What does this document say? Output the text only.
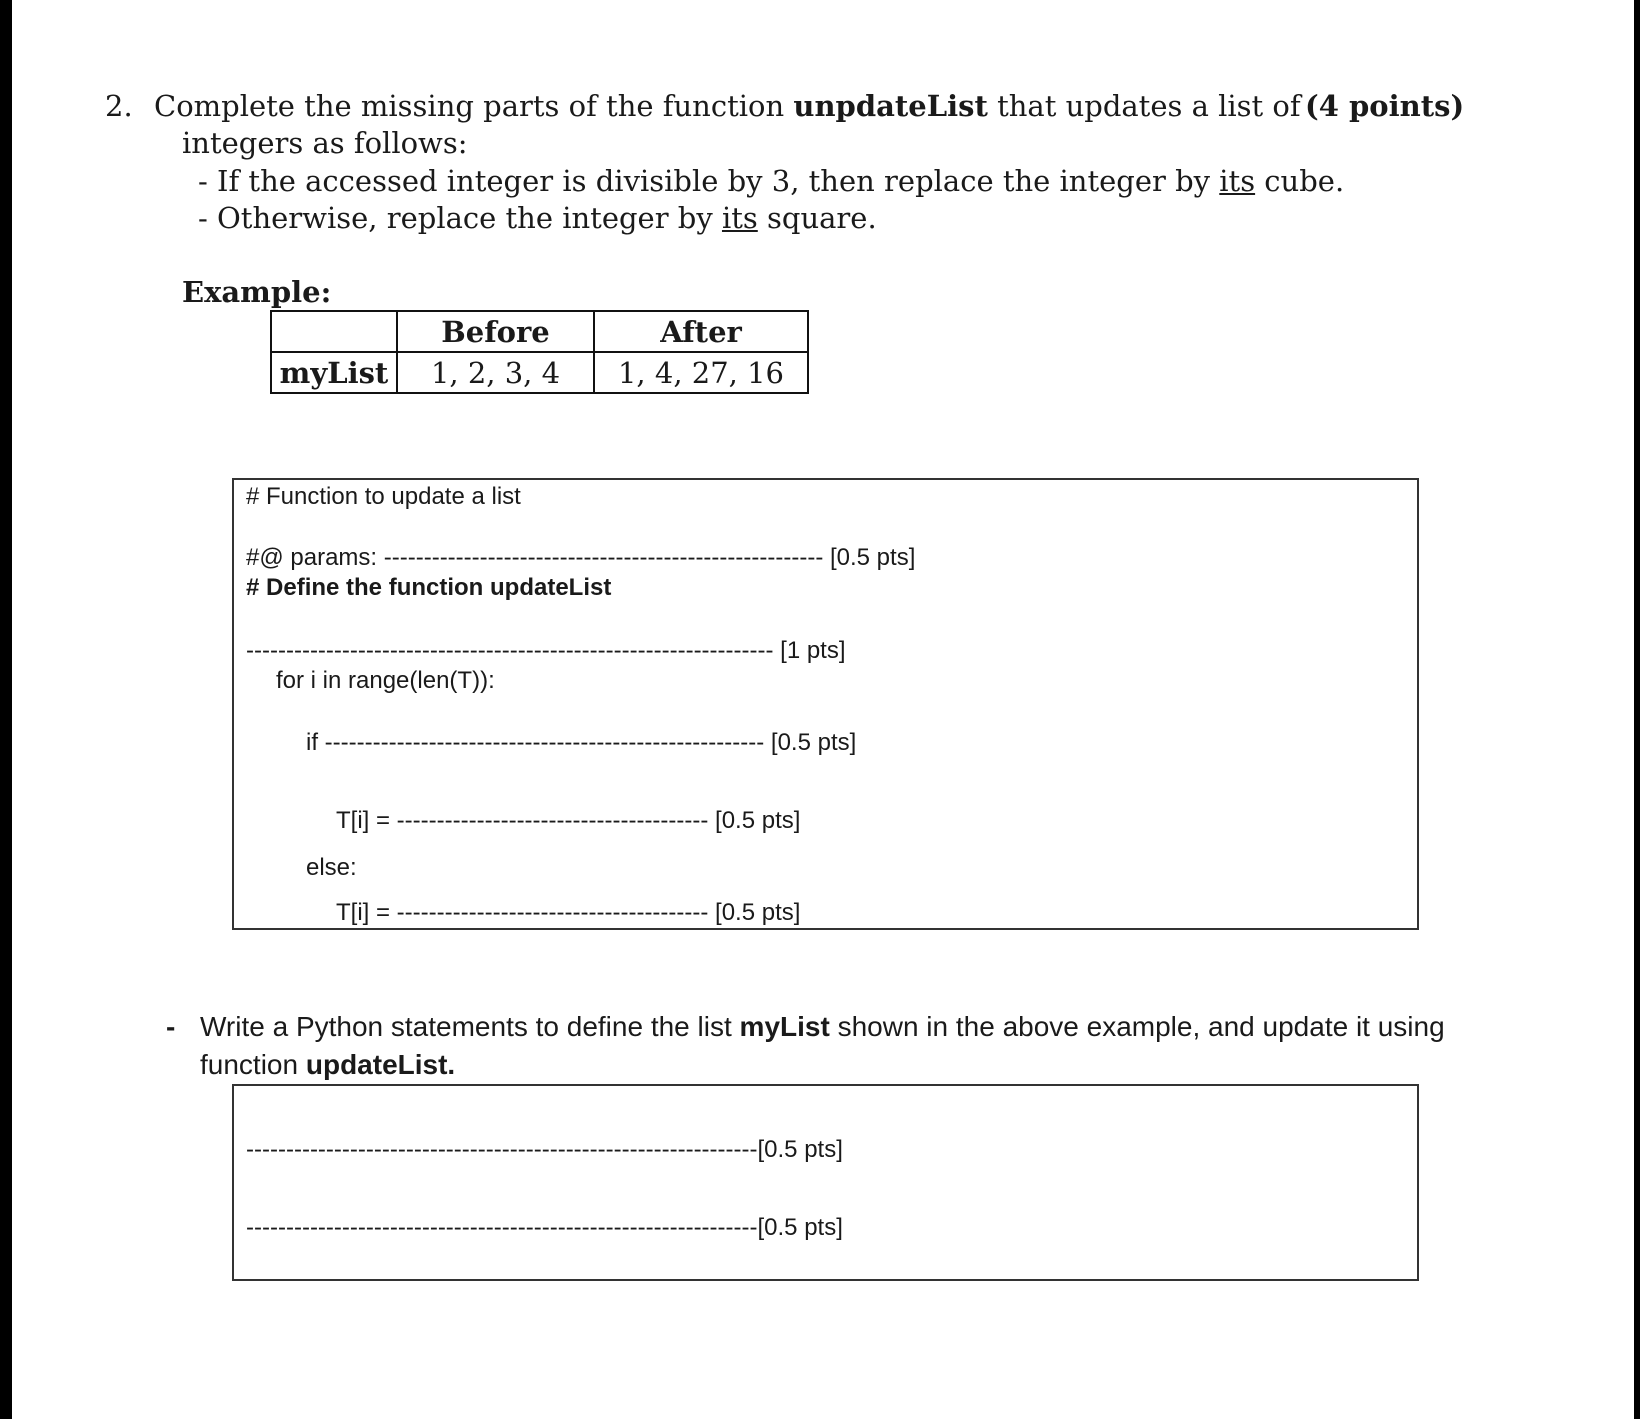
2. Complete the missing parts of the function unpdateList that updates a list of (4 points)
integers as follows:
- If the accessed integer is divisible by 3, then replace the integer by its cube.
- Otherwise, replace the integer by its square.
Example:
	Before	After
myList	1, 2, 3, 4	1, 4, 27, 16
# Function to update a list
#@ params: ------------------------------------------------------- [0.5 pts]
# Define the function updateList
------------------------------------------------------------------ [1 pts]
for i in range(len(T)):
if ------------------------------------------------------- [0.5 pts]
T[i] = --------------------------------------- [0.5 pts]
else:
T[i] = --------------------------------------- [0.5 pts]
- Write a Python statements to define the list myList shown in the above example, and update it using
function updateList.
----------------------------------------------------------------[0.5 pts]
----------------------------------------------------------------[0.5 pts]
